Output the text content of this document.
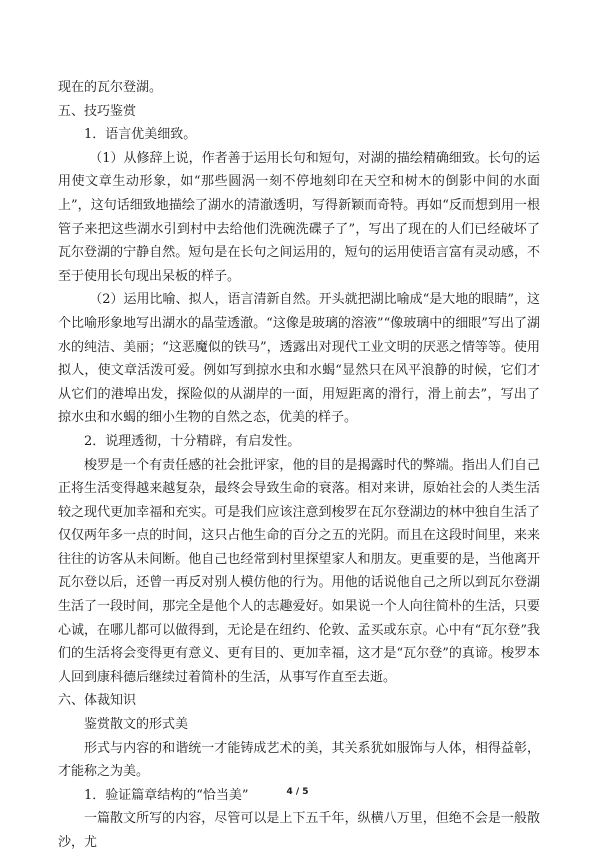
现在的瓦尔登湖。

五、技巧鉴赏

1．语言优美细致。

（1）从修辞上说，作者善于运用长句和短句，对湖的描绘精确细致。长句的运用使文章生动形象，如“那些圆涡一刻不停地刻印在天空和树木的倒影中间的水面上”，这句话细致地描绘了湖水的清澈透明，写得新颖而奇特。再如“反而想到用一根管子来把这些湖水引到村中去给他们洗碗洗碟子了”，写出了现在的人们已经破坏了瓦尔登湖的宁静自然。短句是在长句之间运用的，短句的运用使语言富有灵动感，不至于使用长句现出呆板的样子。

（2）运用比喻、拟人，语言清新自然。开头就把湖比喻成“是大地的眼睛”，这个比喻形象地写出湖水的晶莹透澈。“这像是玻璃的溶液”“像玻璃中的细眼”写出了湖水的纯洁、美丽；“这恶魔似的铁马”，透露出对现代工业文明的厌恶之情等等。使用拟人，使文章活泼可爱。例如写到掠水虫和水蝎“显然只在风平浪静的时候，它们才从它们的港埠出发，探险似的从湖岸的一面，用短距离的滑行，滑上前去”，写出了掠水虫和水蝎的细小生物的自然之态，优美的样子。

2．说理透彻，十分精辟，有启发性。

梭罗是一个有责任感的社会批评家，他的目的是揭露时代的弊端。指出人们自己正将生活变得越来越复杂，最终会导致生命的衰落。相对来讲，原始社会的人类生活较之现代更加幸福和充实。可是我们应该注意到梭罗在瓦尔登湖边的林中独自生活了仅仅两年多一点的时间，这只占他生命的百分之五的光阴。而且在这段时间里，来来往往的访客从未间断。他自己也经常到村里探望家人和朋友。更重要的是，当他离开瓦尔登以后，还曾一再反对别人模仿他的行为。用他的话说他自己之所以到瓦尔登湖生活了一段时间，那完全是他个人的志趣爱好。如果说一个人向往简朴的生活，只要心诚，在哪儿都可以做得到，无论是在纽约、伦敦、孟买或东京。心中有“瓦尔登”我们的生活将会变得更有意义、更有目的、更加幸福，这才是“瓦尔登”的真谛。梭罗本人回到康科德后继续过着简朴的生活，从事写作直至去逝。

六、体裁知识

鉴赏散文的形式美

形式与内容的和谐统一才能铸成艺术的美，其关系犹如服饰与人体，相得益彰，才能称之为美。

1．验证篇章结构的“恰当美”

一篇散文所写的内容，尽管可以是上下五千年，纵横八万里，但绝不会是一般散沙，尤

4 / 5
